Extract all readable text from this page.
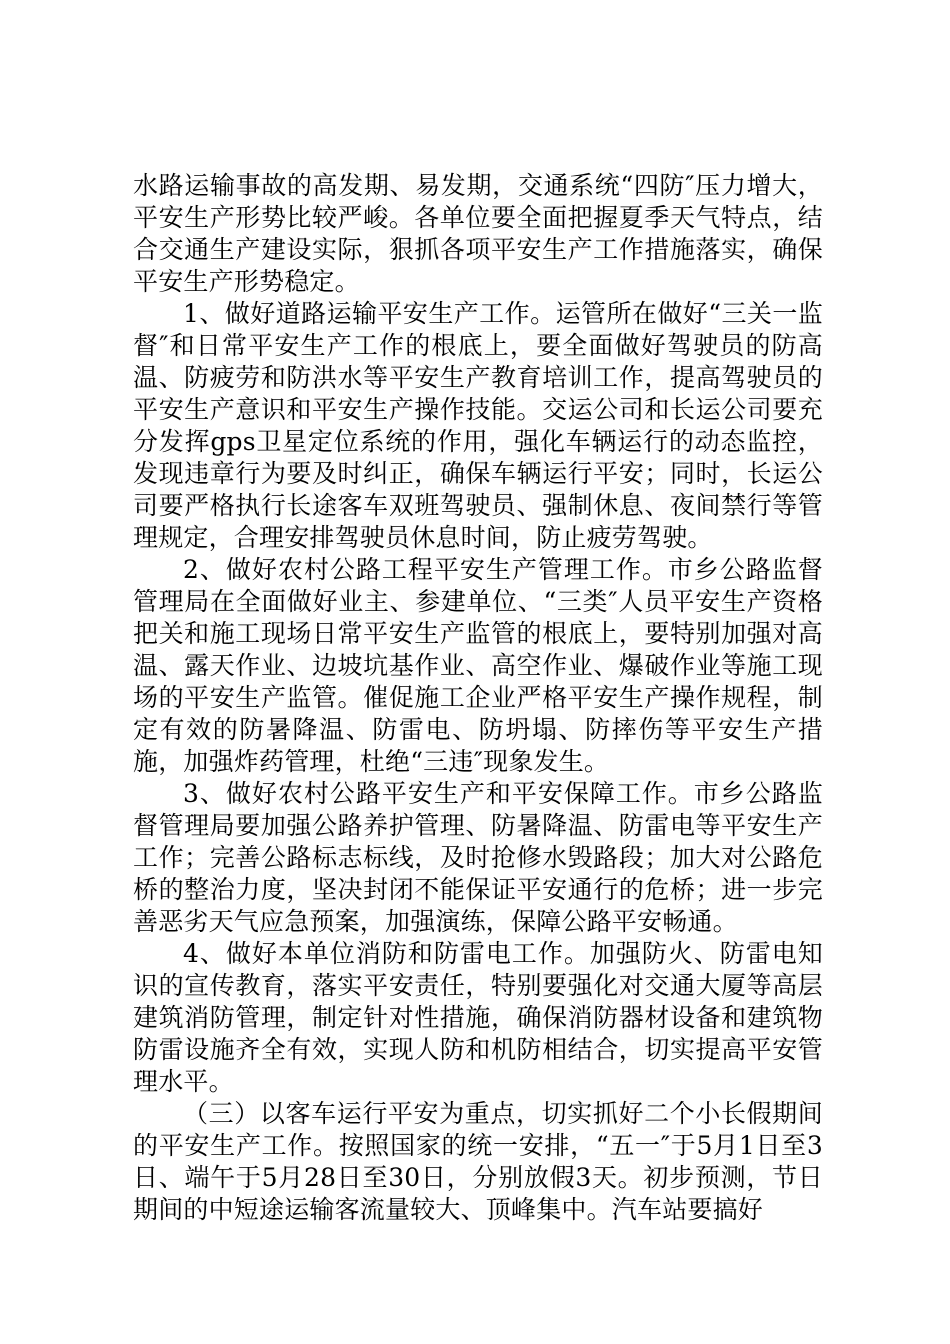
水路运输事故的高发期、易发期，交通系统“四防″压力增大，平安生产形势比较严峻。各单位要全面把握夏季天气特点，结合交通生产建设实际，狠抓各项平安生产工作措施落实，确保平安生产形势稳定。

1、做好道路运输平安生产工作。运管所在做好“三关一监督″和日常平安生产工作的根底上，要全面做好驾驶员的防高温、防疲劳和防洪水等平安生产教育培训工作，提高驾驶员的平安生产意识和平安生产操作技能。交运公司和长运公司要充分发挥gps卫星定位系统的作用，强化车辆运行的动态监控，发现违章行为要及时纠正，确保车辆运行平安；同时，长运公司要严格执行长途客车双班驾驶员、强制休息、夜间禁行等管理规定，合理安排驾驶员休息时间，防止疲劳驾驶。

2、做好农村公路工程平安生产管理工作。市乡公路监督管理局在全面做好业主、参建单位、“三类″人员平安生产资格把关和施工现场日常平安生产监管的根底上，要特别加强对高温、露天作业、边坡坑基作业、高空作业、爆破作业等施工现场的平安生产监管。催促施工企业严格平安生产操作规程，制定有效的防暑降温、防雷电、防坍塌、防摔伤等平安生产措施，加强炸药管理，杜绝“三违″现象发生。

3、做好农村公路平安生产和平安保障工作。市乡公路监督管理局要加强公路养护管理、防暑降温、防雷电等平安生产工作；完善公路标志标线，及时抢修水毁路段；加大对公路危桥的整治力度，坚决封闭不能保证平安通行的危桥；进一步完善恶劣天气应急预案，加强演练，保障公路平安畅通。

4、做好本单位消防和防雷电工作。加强防火、防雷电知识的宣传教育，落实平安责任，特别要强化对交通大厦等高层建筑消防管理，制定针对性措施，确保消防器材设备和建筑物防雷设施齐全有效，实现人防和机防相结合，切实提高平安管理水平。

（三）以客车运行平安为重点，切实抓好二个小长假期间的平安生产工作。按照国家的统一安排，“五一″于5月1日至3日、端午于5月28日至30日，分别放假3天。初步预测，节日期间的中短途运输客流量较大、顶峰集中。汽车站要搞好
